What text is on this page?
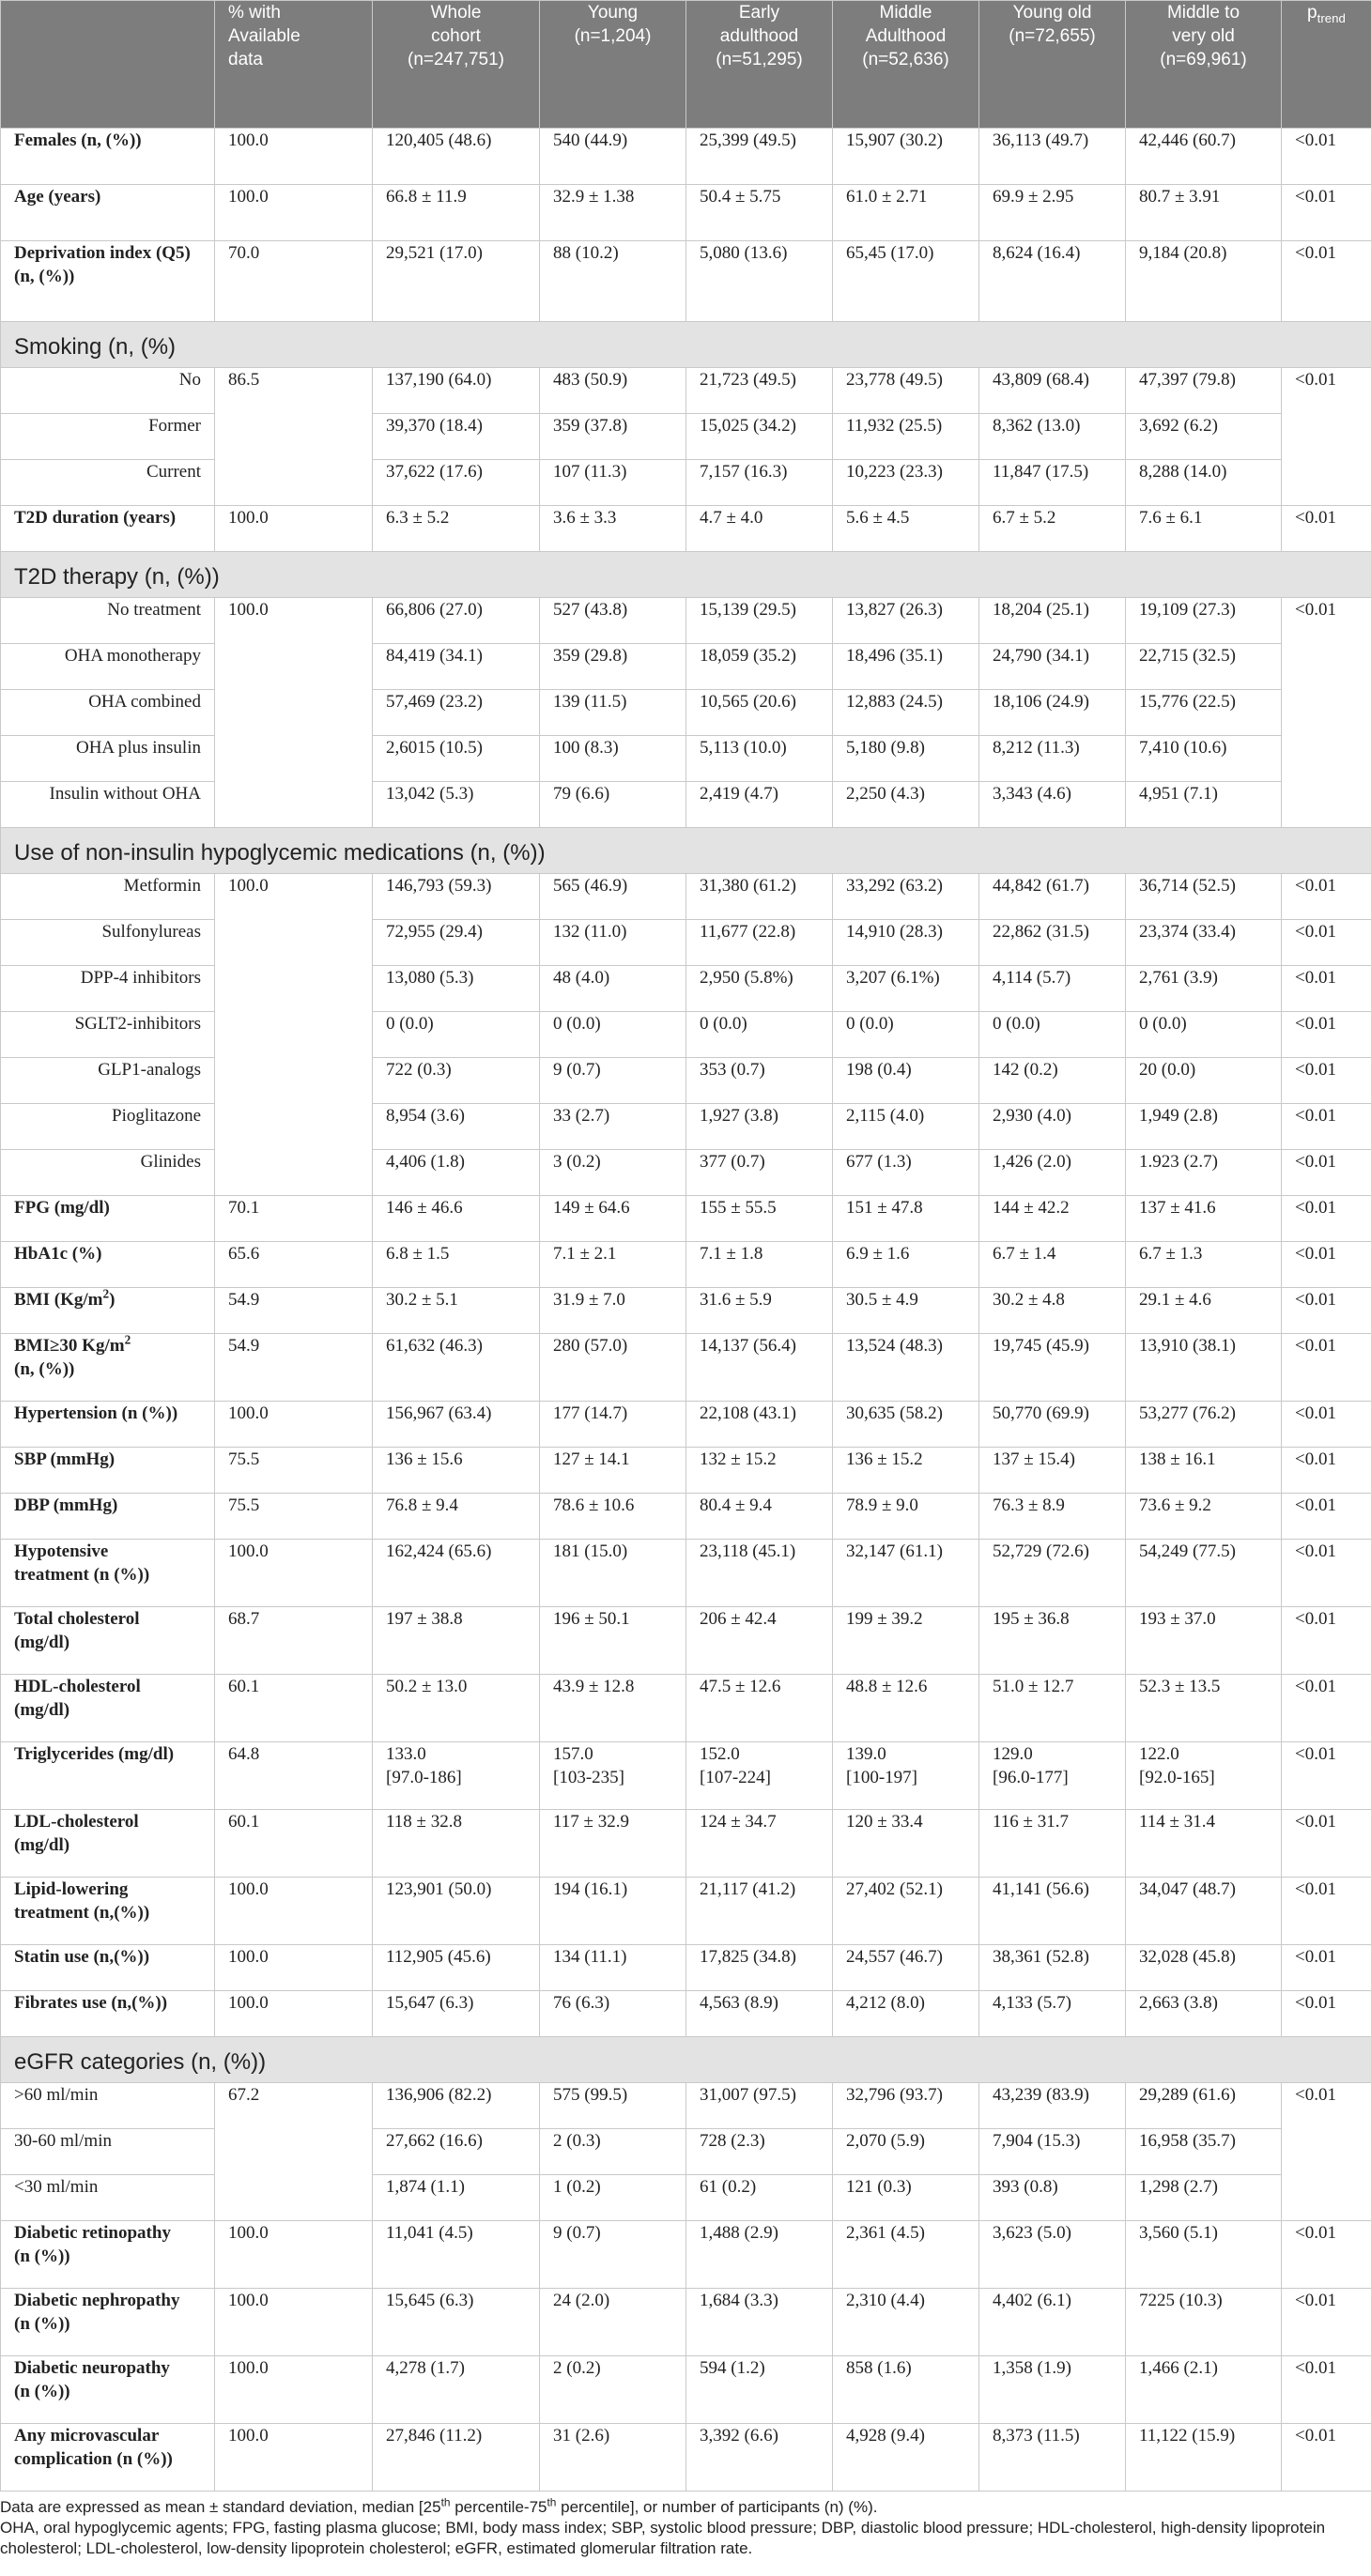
	% with
Available
data	Whole
cohort
(n=247,751)	Young
(n=1,204)	Early
adulthood
(n=51,295)	Middle
Adulthood
(n=52,636)	Young old
(n=72,655)	Middle to
very old
(n=69,961)	$p_{trend}$
Females (n, (%))	100.0	120,405 (48.6)	540 (44.9)	25,399 (49.5)	15,907 (30.2)	36,113 (49.7)	42,446 (60.7)	<0.01
Age (years)	100.0	66.8 ± 11.9	32.9 ± 1.38	50.4 ± 5.75	61.0 ± 2.71	69.9 ± 2.95	80.7 ± 3.91	<0.01
Deprivation index (Q5)
(n, (%))	70.0	29,521 (17.0)	88 (10.2)	5,080 (13.6)	65,45 (17.0)	8,624 (16.4)	9,184 (20.8)	<0.01
Smoking (n, (%)								
No	86.5	137,190 (64.0)	483 (50.9)	21,723 (49.5)	23,778 (49.5)	43,809 (68.4)	47,397 (79.8)	<0.01
Former		39,370 (18.4)	359 (37.8)	15,025 (34.2)	11,932 (25.5)	8,362 (13.0)	3,692 (6.2)	
Current		37,622 (17.6)	107 (11.3)	7,157 (16.3)	10,223 (23.3)	11,847 (17.5)	8,288 (14.0)	
T2D duration (years)	100.0	6.3 ± 5.2	3.6 ± 3.3	4.7 ± 4.0	5.6 ± 4.5	6.7 ± 5.2	7.6 ± 6.1	<0.01
T2D therapy (n, (%))								
No treatment	100.0	66,806 (27.0)	527 (43.8)	15,139 (29.5)	13,827 (26.3)	18,204 (25.1)	19,109 (27.3)	<0.01
OHA monotherapy		84,419 (34.1)	359 (29.8)	18,059 (35.2)	18,496 (35.1)	24,790 (34.1)	22,715 (32.5)	
OHA combined		57,469 (23.2)	139 (11.5)	10,565 (20.6)	12,883 (24.5)	18,106 (24.9)	15,776 (22.5)	
OHA plus insulin		2,6015 (10.5)	100 (8.3)	5,113 (10.0)	5,180 (9.8)	8,212 (11.3)	7,410 (10.6)	
Insulin without OHA		13,042 (5.3)	79 (6.6)	2,419 (4.7)	2,250 (4.3)	3,343 (4.6)	4,951 (7.1)	
Use of non-insulin hypoglycemic medications (n, (%))								
Metformin	100.0	146,793 (59.3)	565 (46.9)	31,380 (61.2)	33,292 (63.2)	44,842 (61.7)	36,714 (52.5)	<0.01
Sulfonylureas		72,955 (29.4)	132 (11.0)	11,677 (22.8)	14,910 (28.3)	22,862 (31.5)	23,374 (33.4)	<0.01
DPP-4 inhibitors		13,080 (5.3)	48 (4.0)	2,950 (5.8%)	3,207 (6.1%)	4,114 (5.7)	2,761 (3.9)	<0.01
SGLT2-inhibitors		0 (0.0)	0 (0.0)	0 (0.0)	0 (0.0)	0 (0.0)	0 (0.0)	<0.01
GLP1-analogs		722 (0.3)	9 (0.7)	353 (0.7)	198 (0.4)	142 (0.2)	20 (0.0)	<0.01
Pioglitazone		8,954 (3.6)	33 (2.7)	1,927 (3.8)	2,115 (4.0)	2,930 (4.0)	1,949 (2.8)	<0.01
Glinides		4,406 (1.8)	3 (0.2)	377 (0.7)	677 (1.3)	1,426 (2.0)	1.923 (2.7)	<0.01
FPG (mg/dl)	70.1	146 ± 46.6	149 ± 64.6	155 ± 55.5	151 ± 47.8	144 ± 42.2	137 ± 41.6	<0.01
HbA1c (%)	65.6	6.8 ± 1.5	7.1 ± 2.1	7.1 ± 1.8	6.9 ± 1.6	6.7 ± 1.4	6.7 ± 1.3	<0.01
BMI $(Kg/m^2)$	54.9	30.2 ± 5.1	31.9 ± 7.0	31.6 ± 5.9	30.5 ± 4.9	30.2 ± 4.8	29.1 ± 4.6	<0.01
BMI≥30 $Kg/m^2$
(n, (%))	54.9	61,632 (46.3)	280 (57.0)	14,137 (56.4)	13,524 (48.3)	19,745 (45.9)	13,910 (38.1)	<0.01
Hypertension (n (%))	100.0	156,967 (63.4)	177 (14.7)	22,108 (43.1)	30,635 (58.2)	50,770 (69.9)	53,277 (76.2)	<0.01
SBP (mmHg)	75.5	136 ± 15.6	127 ± 14.1	132 ± 15.2	136 ± 15.2	137 ± 15.4)	138 ± 16.1	<0.01
DBP (mmHg)	75.5	76.8 ± 9.4	78.6 ± 10.6	80.4 ± 9.4	78.9 ± 9.0	76.3 ± 8.9	73.6 ± 9.2	<0.01
Hypotensive
treatment (n (%))	100.0	162,424 (65.6)	181 (15.0)	23,118 (45.1)	32,147 (61.1)	52,729 (72.6)	54,249 (77.5)	<0.01
Total cholesterol
(mg/dl)	68.7	197 ± 38.8	196 ± 50.1	206 ± 42.4	199 ± 39.2	195 ± 36.8	193 ± 37.0	<0.01
HDL-cholesterol
(mg/dl)	60.1	50.2 ± 13.0	43.9 ± 12.8	47.5 ± 12.6	48.8 ± 12.6	51.0 ± 12.7	52.3 ± 13.5	<0.01
Triglycerides (mg/dl)	64.8	133.0
[97.0-186]	157.0
[103-235]	152.0
[107-224]	139.0
[100-197]	129.0
[96.0-177]	122.0
[92.0-165]	<0.01
LDL-cholesterol
(mg/dl)	60.1	118 ± 32.8	117 ± 32.9	124 ± 34.7	120 ± 33.4	116 ± 31.7	114 ± 31.4	<0.01
Lipid-lowering
treatment (n,(%))	100.0	123,901 (50.0)	194 (16.1)	21,117 (41.2)	27,402 (52.1)	41,141 (56.6)	34,047 (48.7)	<0.01
Statin use (n,(%))	100.0	112,905 (45.6)	134 (11.1)	17,825 (34.8)	24,557 (46.7)	38,361 (52.8)	32,028 (45.8)	<0.01
Fibrates use (n,(%))	100.0	15,647 (6.3)	76 (6.3)	4,563 (8.9)	4,212 (8.0)	4,133 (5.7)	2,663 (3.8)	<0.01
eGFR categories (n, (%))								
>60 ml/min	67.2	136,906 (82.2)	575 (99.5)	31,007 (97.5)	32,796 (93.7)	43,239 (83.9)	29,289 (61.6)	<0.01
30-60 ml/min		27,662 (16.6)	2 (0.3)	728 (2.3)	2,070 (5.9)	7,904 (15.3)	16,958 (35.7)	
<30 ml/min		1,874 (1.1)	1 (0.2)	61 (0.2)	121 (0.3)	393 (0.8)	1,298 (2.7)	
Diabetic retinopathy
(n (%))	100.0	11,041 (4.5)	9 (0.7)	1,488 (2.9)	2,361 (4.5)	3,623 (5.0)	3,560 (5.1)	<0.01
Diabetic nephropathy
(n (%))	100.0	15,645 (6.3)	24 (2.0)	1,684 (3.3)	2,310 (4.4)	4,402 (6.1)	7225 (10.3)	<0.01
Diabetic neuropathy
(n (%))	100.0	4,278 (1.7)	2 (0.2)	594 (1.2)	858 (1.6)	1,358 (1.9)	1,466 (2.1)	<0.01
Any microvascular
complication (n (%))	100.0	27,846 (11.2)	31 (2.6)	3,392 (6.6)	4,928 (9.4)	8,373 (11.5)	11,122 (15.9)	<0.01
Data are expressed as mean ± standard deviation, median [25th percentile-75th percentile], or number of participants (n) (%).
OHA, oral hypoglycemic agents; FPG, fasting plasma glucose; BMI, body mass index; SBP, systolic blood pressure; DBP, diastolic blood pressure; HDL-cholesterol, high-density lipoprotein
cholesterol; LDL-cholesterol, low-density lipoprotein cholesterol; eGFR, estimated glomerular filtration rate.
